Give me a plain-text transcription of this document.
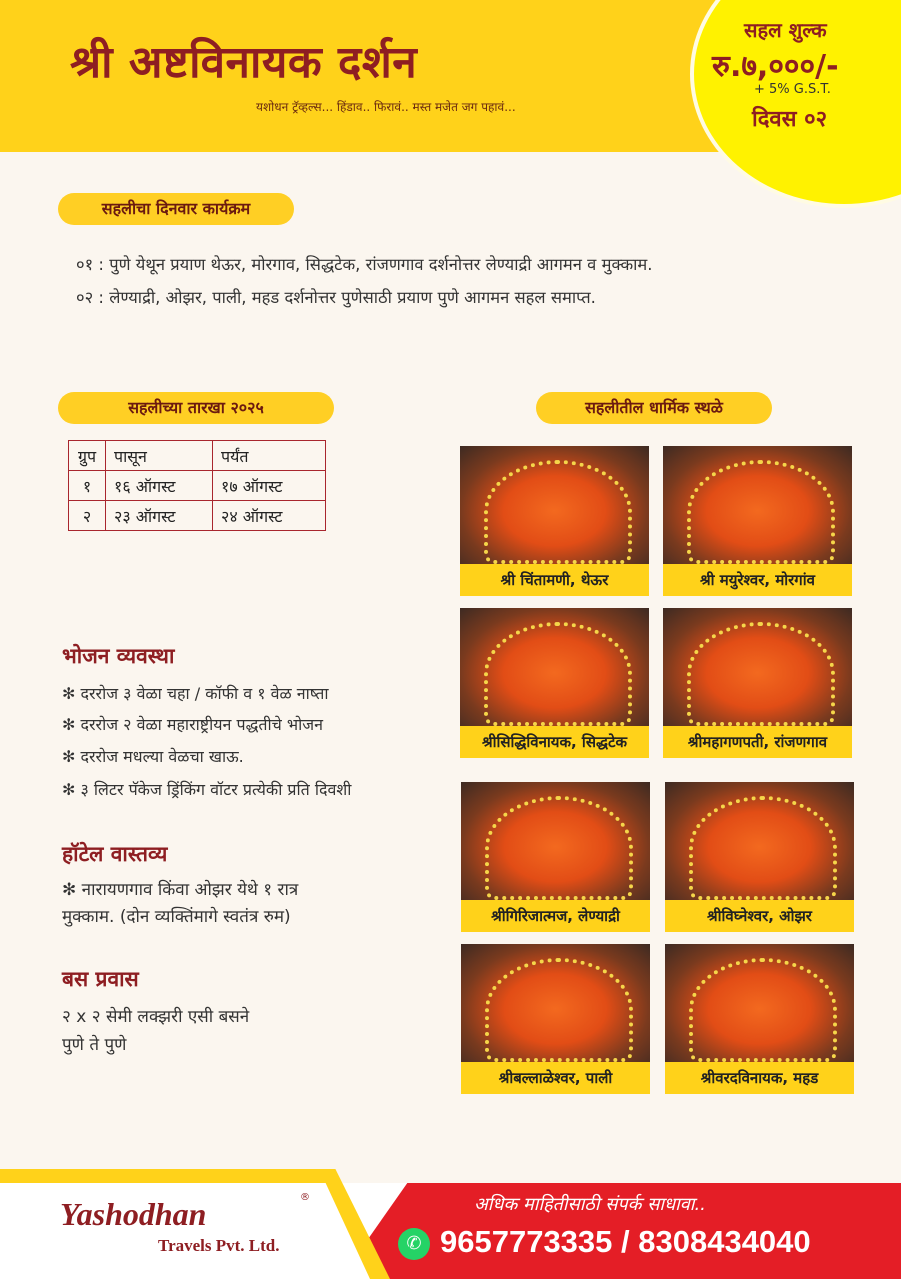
श्री अष्टविनायक दर्शन
यशोधन ट्रॅव्हल्स... हिंडाव.. फिरावं.. मस्त मजेत जग पहावं...
सहल शुल्क
रु.७,०००/-
+ 5% G.S.T.
दिवस ०२
सहलीचा दिनवार कार्यक्रम
०१ : पुणे येथून प्रयाण थेऊर, मोरगाव, सिद्धटेक, रांजणगाव दर्शनोत्तर लेण्याद्री आगमन व मुक्काम.
०२ : लेण्याद्री, ओझर, पाली, महड दर्शनोत्तर पुणेसाठी प्रयाण पुणे आगमन सहल समाप्त.
सहलीच्या तारखा २०२५
ग्रुप	पासून	पर्यंत
१	१६ ऑगस्ट	१७ ऑगस्ट
२	२३ ऑगस्ट	२४ ऑगस्ट
भोजन व्यवस्था
✻ दररोज ३ वेळा चहा / कॉफी व १ वेळ नाष्ता
✻ दररोज २ वेळा महाराष्ट्रीयन पद्धतीचे भोजन
✻ दररोज मधल्या वेळचा खाऊ.
✻ ३ लिटर पॅकेज ड्रिंकिंग वॉटर प्रत्येकी प्रति दिवशी
हॉटेल वास्तव्य
✻ नारायणगाव किंवा ओझर येथे १ रात्र
मुक्काम. (दोन व्यक्तिंमागे स्वतंत्र रुम)
बस प्रवास
२ x २ सेमी लक्झरी एसी बसने
पुणे ते पुणे
सहलीतील धार्मिक स्थळे
श्री चिंतामणी, थेऊर	श्री मयुरेश्वर, मोरगांव
श्रीसिद्धिविनायक, सिद्धटेक	श्रीमहागणपती, रांजणगाव
श्रीगिरिजात्मज, लेण्याद्री	श्रीविघ्नेश्वर, ओझर
श्रीबल्लाळेश्वर, पाली	श्रीवरदविनायक, महड
Yashodhan	®
Travels Pvt. Ltd.
अधिक माहितीसाठी संपर्क साधावा..
✆ 9657773335 / 8308434040
